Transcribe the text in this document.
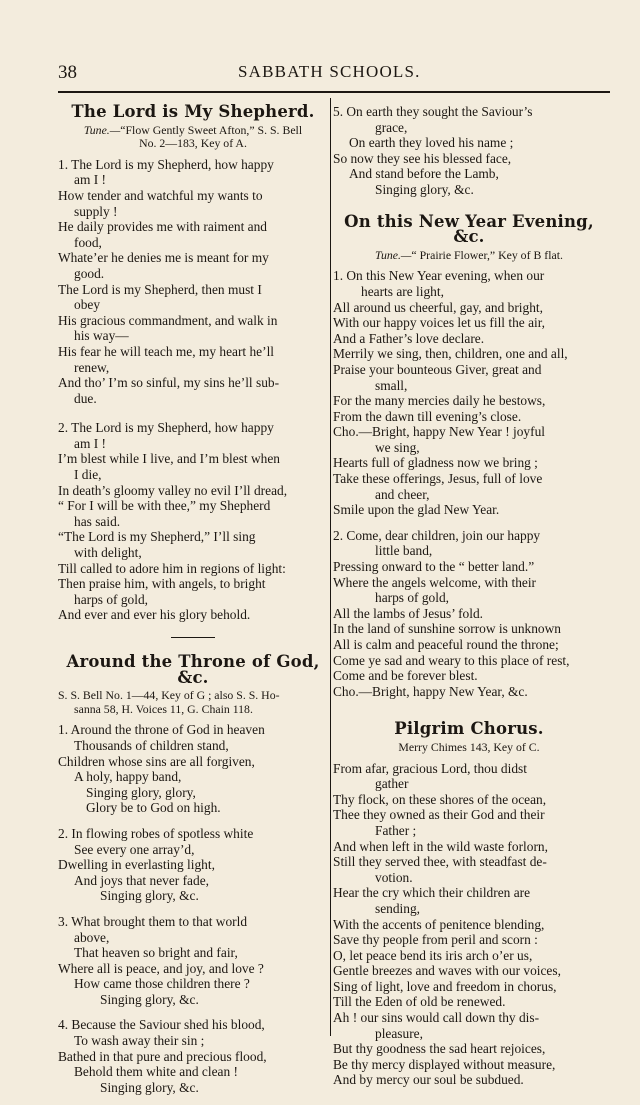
38	SABBATH SCHOOLS.
The Lord is My Shepherd.
Tune.—“Flow Gently Sweet Afton,” S. S. Bell
No. 2—183, Key of A.
1. The Lord is my Shepherd, how happy
am I !
How tender and watchful my wants to
supply !
He daily provides me with raiment and
food,
Whate’er he denies me is meant for my
good.
The Lord is my Shepherd, then must I
obey
His gracious commandment, and walk in
his way—
His fear he will teach me, my heart he’ll
renew,
And tho’ I’m so sinful, my sins he’ll sub-
due.
2. The Lord is my Shepherd, how happy
am I !
I’m blest while I live, and I’m blest when
I die,
In death’s gloomy valley no evil I’ll dread,
“ For I will be with thee,” my Shepherd
has said.
“The Lord is my Shepherd,” I’ll sing
with delight,
Till called to adore him in regions of light:
Then praise him, with angels, to bright
harps of gold,
And ever and ever his glory behold.
Around the Throne of God, &c.
S. S. Bell No. 1—44, Key of G ; also S. S. Ho-
sanna 58, H. Voices 11, G. Chain 118.
1. Around the throne of God in heaven
Thousands of children stand,
Children whose sins are all forgiven,
A holy, happy band,
Singing glory, glory,
Glory be to God on high.
2. In flowing robes of spotless white
See every one array’d,
Dwelling in everlasting light,
And joys that never fade,
Singing glory, &c.
3. What brought them to that world
above,
That heaven so bright and fair,
Where all is peace, and joy, and love ?
How came those children there ?
Singing glory, &c.
4. Because the Saviour shed his blood,
To wash away their sin ;
Bathed in that pure and precious flood,
Behold them white and clean !
Singing glory, &c.
5. On earth they sought the Saviour’s
grace,
On earth they loved his name ;
So now they see his blessed face,
And stand before the Lamb,
Singing glory, &c.
On this New Year Evening, &c.
Tune.—“ Prairie Flower,” Key of B flat.
1. On this New Year evening, when our
hearts are light,
All around us cheerful, gay, and bright,
With our happy voices let us fill the air,
And a Father’s love declare.
Merrily we sing, then, children, one and all,
Praise your bounteous Giver, great and
small,
For the many mercies daily he bestows,
From the dawn till evening’s close.
Cho.—Bright, happy New Year ! joyful
we sing,
Hearts full of gladness now we bring ;
Take these offerings, Jesus, full of love
and cheer,
Smile upon the glad New Year.
2. Come, dear children, join our happy
little band,
Pressing onward to the “ better land.”
Where the angels welcome, with their
harps of gold,
All the lambs of Jesus’ fold.
In the land of sunshine sorrow is unknown
All is calm and peaceful round the throne;
Come ye sad and weary to this place of rest,
Come and be forever blest.
Cho.—Bright, happy New Year, &c.
Pilgrim Chorus.
Merry Chimes 143, Key of C.
From afar, gracious Lord, thou didst
gather
Thy flock, on these shores of the ocean,
Thee they owned as their God and their
Father ;
And when left in the wild waste forlorn,
Still they served thee, with steadfast de-
votion.
Hear the cry which their children are
sending,
With the accents of penitence blending,
Save thy people from peril and scorn :
O, let peace bend its iris arch o’er us,
Gentle breezes and waves with our voices,
Sing of light, love and freedom in chorus,
Till the Eden of old be renewed.
Ah ! our sins would call down thy dis-
pleasure,
But thy goodness the sad heart rejoices,
Be thy mercy displayed without measure,
And by mercy our soul be subdued.
